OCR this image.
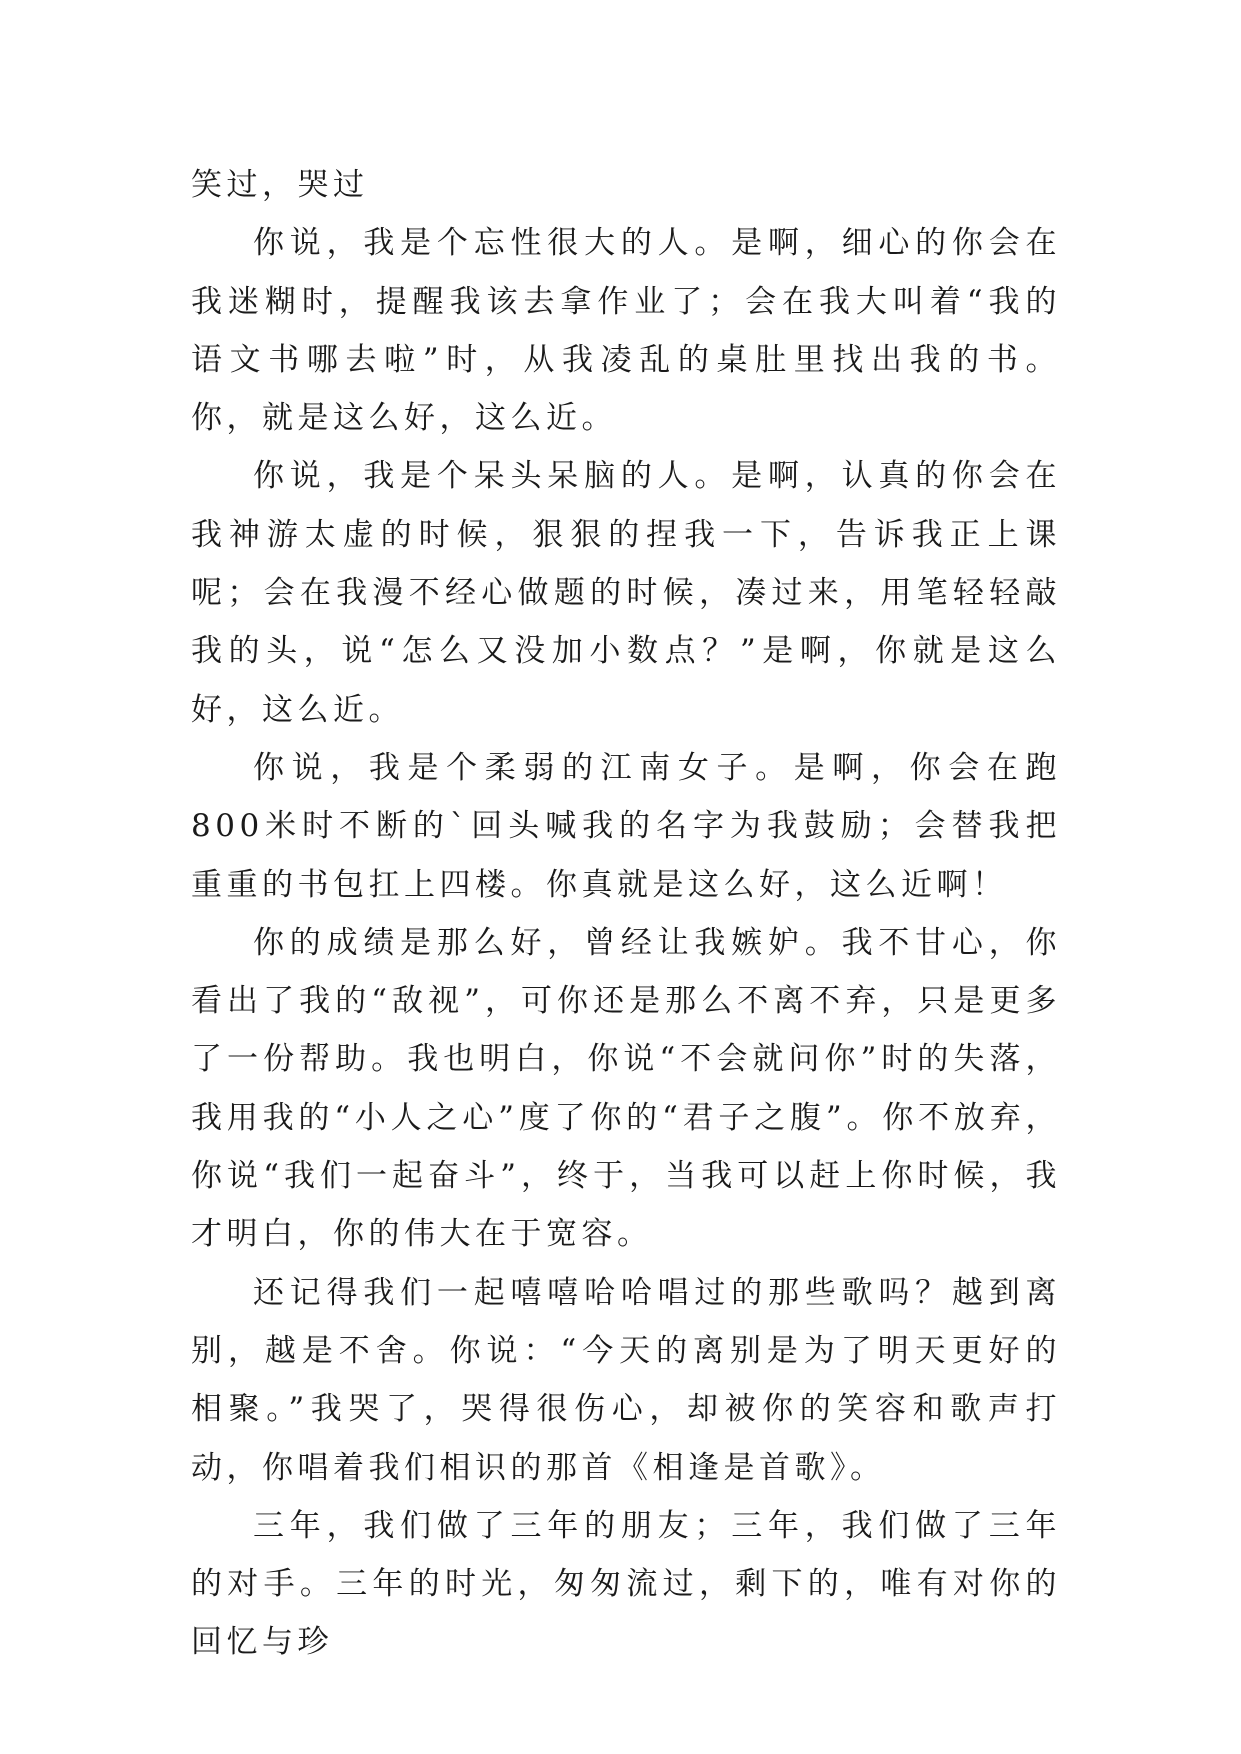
笑过，哭过

你说，我是个忘性很大的人。是啊，细心的你会在我迷糊时，提醒我该去拿作业了；会在我大叫着“我的语文书哪去啦”时，从我凌乱的桌肚里找出我的书。你，就是这么好，这么近。

你说，我是个呆头呆脑的人。是啊，认真的你会在我神游太虚的时候，狠狠的捏我一下，告诉我正上课呢；会在我漫不经心做题的时候，凑过来，用笔轻轻敲我的头，说“怎么又没加小数点？”是啊，你就是这么好，这么近。

你说，我是个柔弱的江南女子。是啊，你会在跑800米时不断的`回头喊我的名字为我鼓励；会替我把重重的书包扛上四楼。你真就是这么好，这么近啊！

你的成绩是那么好，曾经让我嫉妒。我不甘心，你看出了我的“敌视”，可你还是那么不离不弃，只是更多了一份帮助。我也明白，你说“不会就问你”时的失落，我用我的“小人之心”度了你的“君子之腹”。你不放弃，你说“我们一起奋斗”，终于，当我可以赶上你时候，我才明白，你的伟大在于宽容。

还记得我们一起嘻嘻哈哈唱过的那些歌吗？越到离别，越是不舍。你说：“今天的离别是为了明天更好的相聚。”我哭了，哭得很伤心，却被你的笑容和歌声打动，你唱着我们相识的那首《相逢是首歌》。

三年，我们做了三年的朋友；三年，我们做了三年的对手。三年的时光，匆匆流过，剩下的，唯有对你的回忆与珍
